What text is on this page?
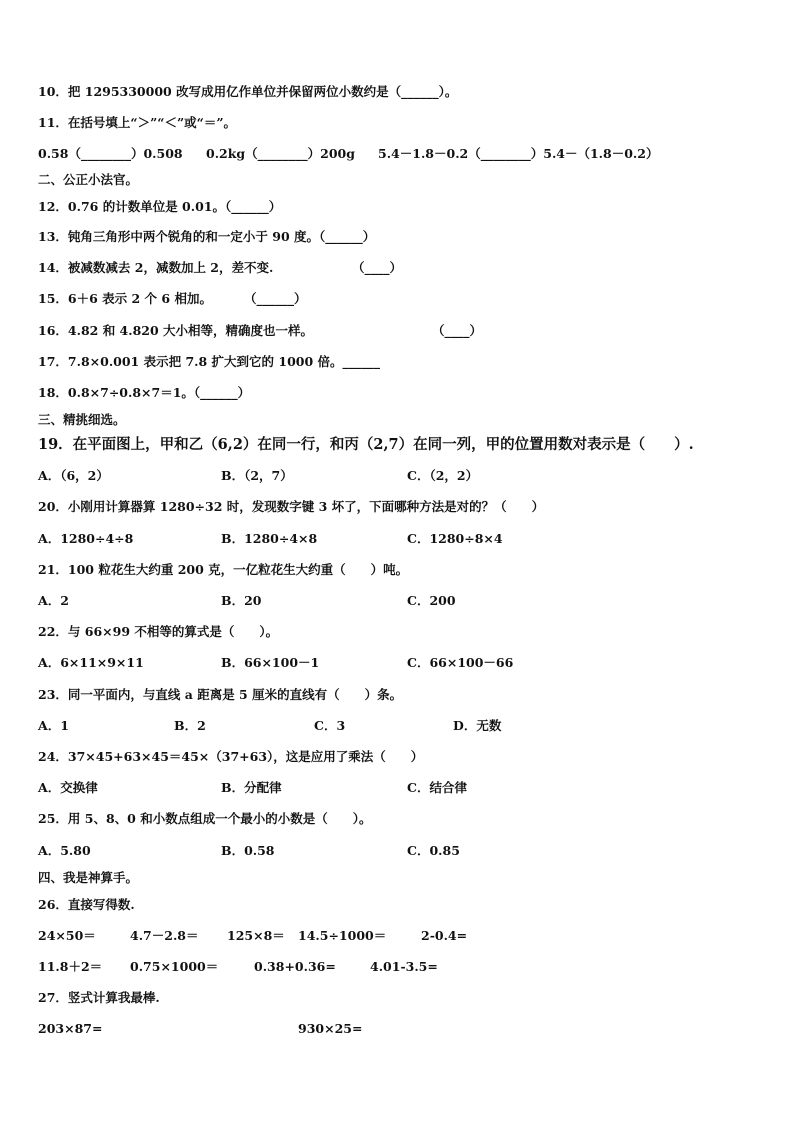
10．把 1295330000 改写成用亿作单位并保留两位小数约是（______）。
11．在括号填上“＞”“＜”或“＝”。
0.58（________）0.508 0.2kg（________）200g 5.4－1.8－0.2（________）5.4－（1.8－0.2）
二、公正小法官。
12．0.76 的计数单位是 0.01。（______）
13．钝角三角形中两个锐角的和一定小于 90 度。（______）
14．被减数减去 2，减数加上 2，差不变.	（____）
15．6＋6 表示 2 个 6 相加。	（______）
16．4.82 和 4.820 大小相等，精确度也一样。	（____）
17．7.8×0.001 表示把 7.8 扩大到它的 1000 倍。______
18．0.8×7÷0.8×7＝1。（______）
三、精挑细选。
19．在平面图上，甲和乙（6,2）在同一行，和丙（2,7）在同一列，甲的位置用数对表示是（　　）.
A．（6，2）	B．（2，7）	C．（2，2）
20．小刚用计算器算 1280÷32 时，发现数字键 3 坏了，下面哪种方法是对的？（　　）
A．1280÷4÷8	B．1280÷4×8	C．1280÷8×4
21．100 粒花生大约重 200 克，一亿粒花生大约重（　　）吨。
A．2	B．20	C．200
22．与 66×99 不相等的算式是（　　）。
A．6×11×9×11	B．66×100－1	C．66×100－66
23．同一平面内，与直线 a 距离是 5 厘米的直线有（　　）条。
A．1	B．2	C．3	D．无数
24．37×45+63×45＝45×（37+63），这是应用了乘法（　　）
A．交换律	B．分配律	C．结合律
25．用 5、8、0 和小数点组成一个最小的小数是（　　）。
A．5.80	B．0.58	C．0.85
四、我是神算手。
26．直接写得数.
24×50＝	4.7－2.8＝ 125×8＝ 14.5÷1000＝	2-0.4=
11.8＋2＝ 0.75×1000＝	0.38+0.36=	4.01-3.5=
27．竖式计算我最棒.
203×87=	930×25=
